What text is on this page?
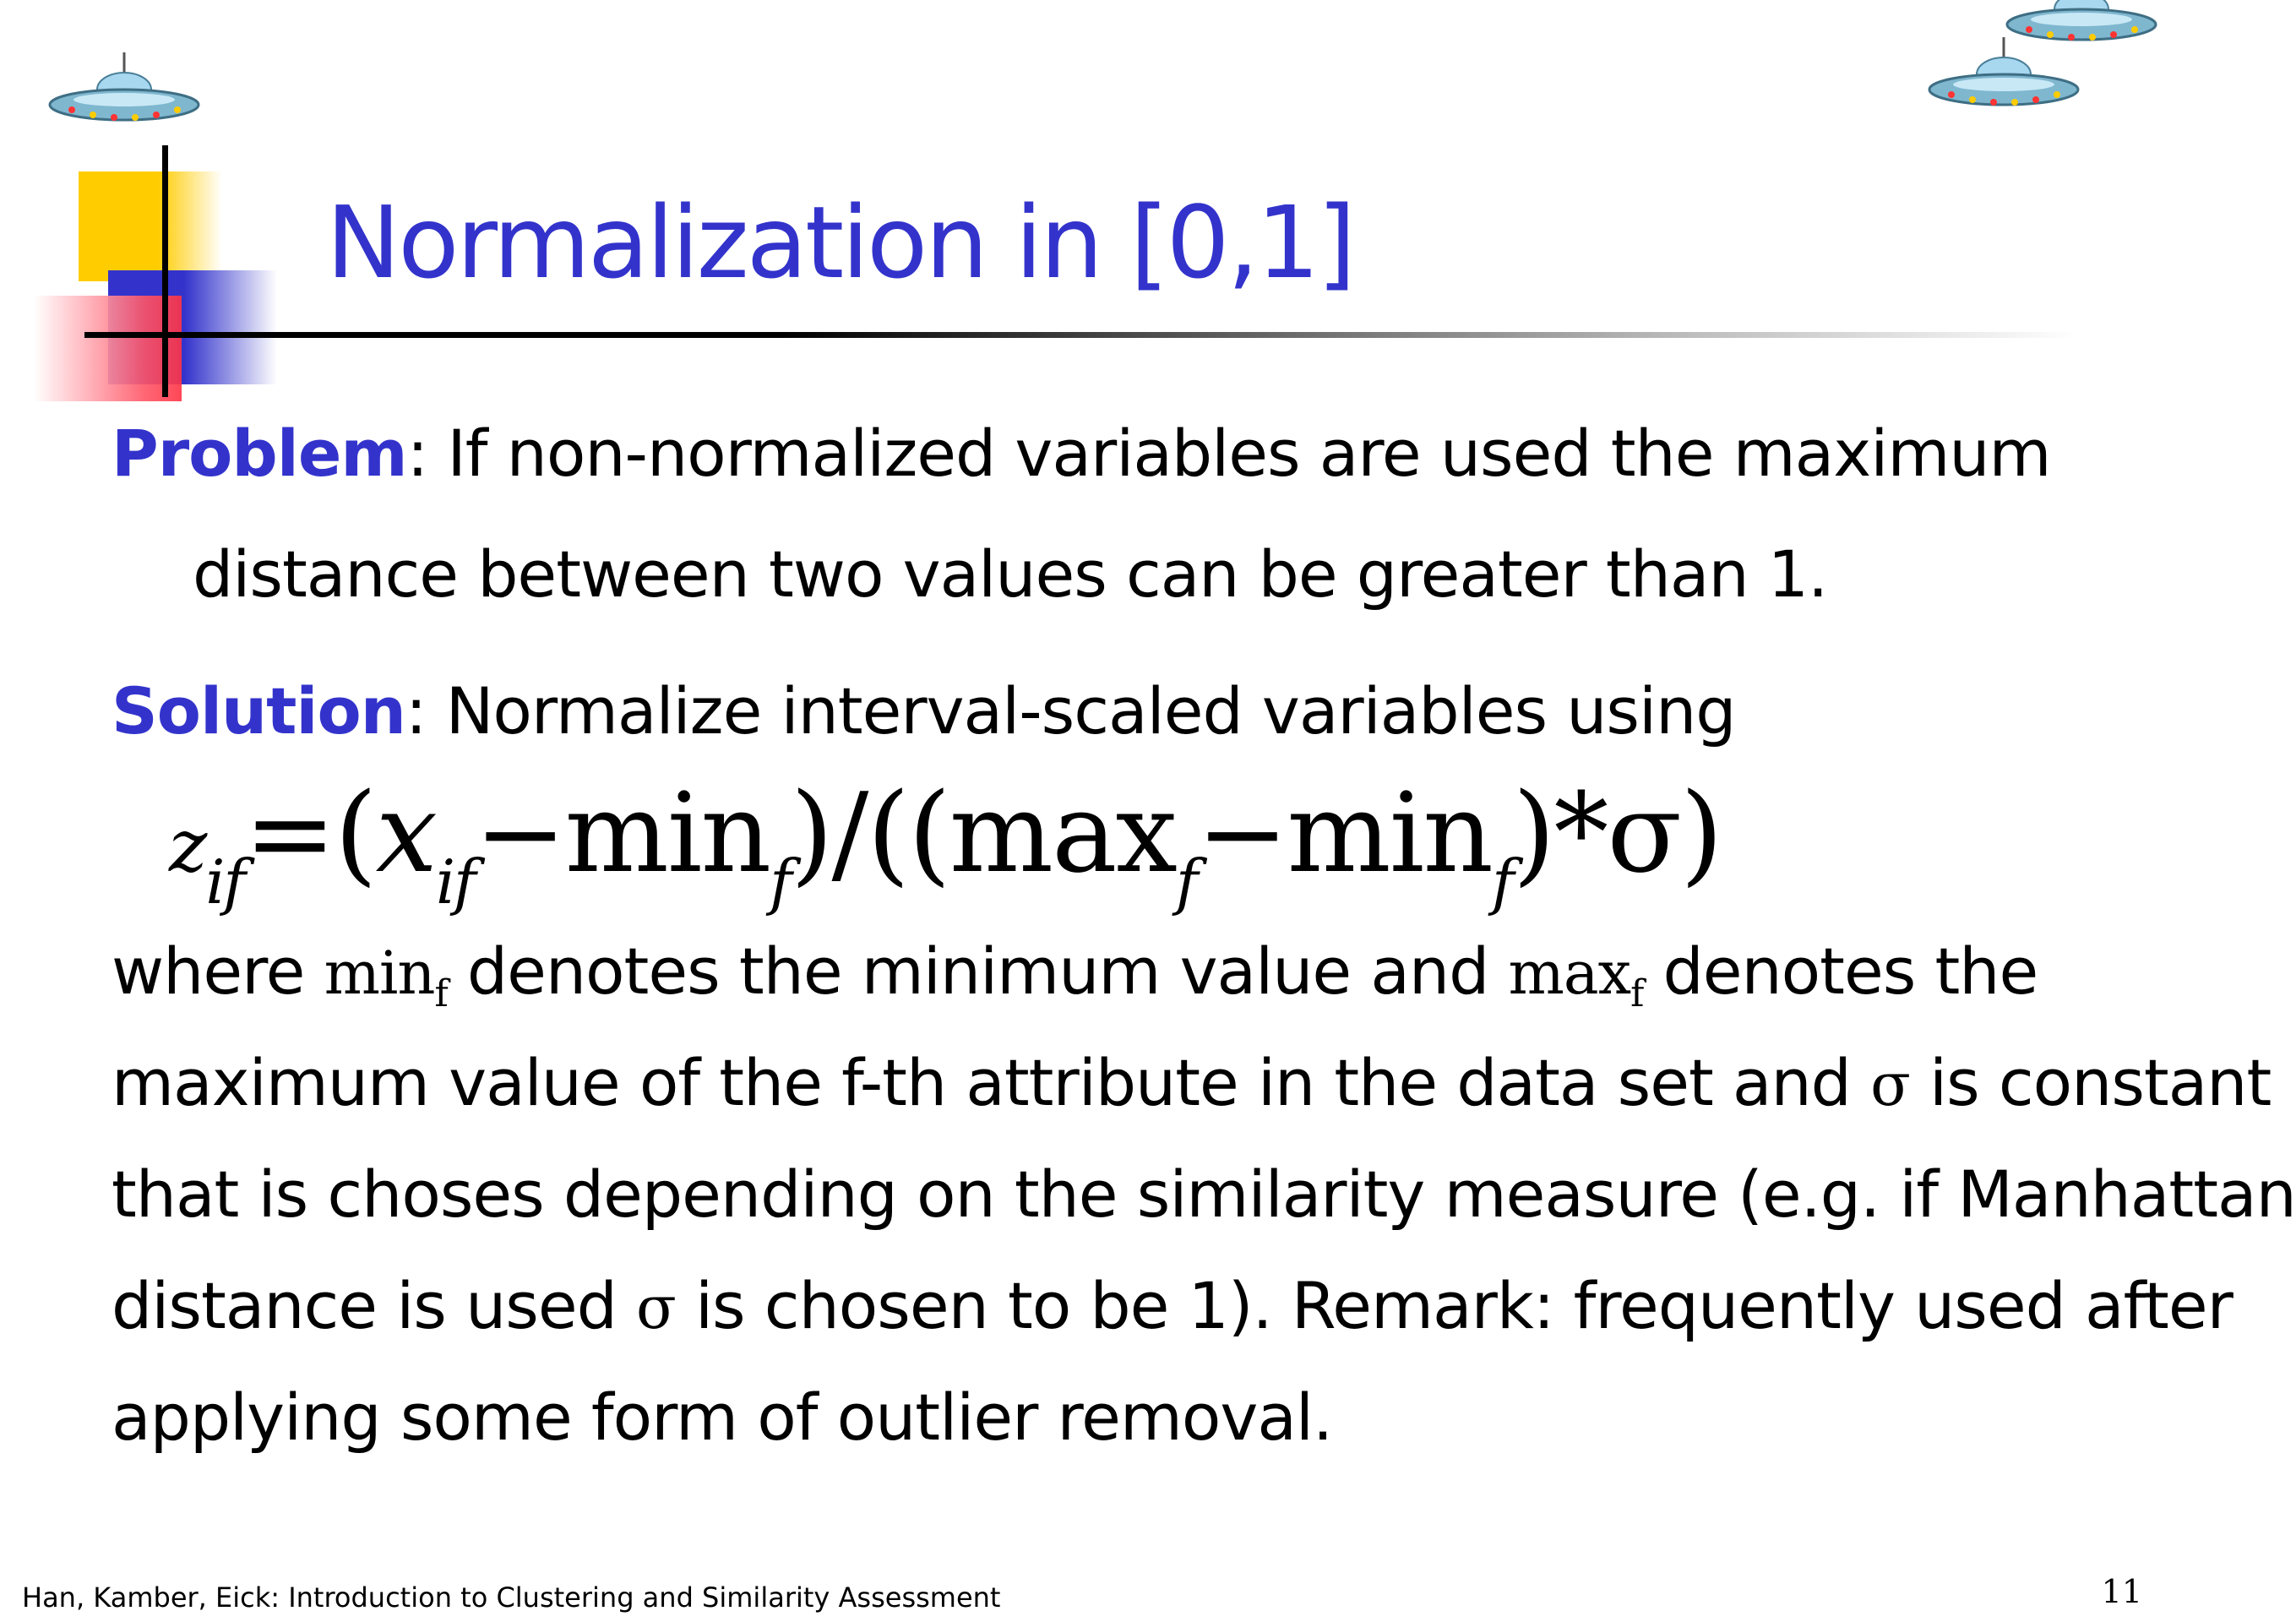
Normalization in [0,1]
Problem: If non-normalized variables are used the maximum
distance between two values can be greater than 1.
Solution: Normalize interval-scaled variables using
$z_{if}=(x_{if}-\min_f)/((\max_f-\min_f)*\sigma)$
where $\min_f$ denotes the minimum value and $\max_f$ denotes the
maximum value of the f-th attribute in the data set and σ is constant
that is choses depending on the similarity measure (e.g. if Manhattan
distance is used σ is chosen to be 1). Remark: frequently used after
applying some form of outlier removal.
Han, Kamber, Eick: Introduction to Clustering and Similarity Assessment	11
